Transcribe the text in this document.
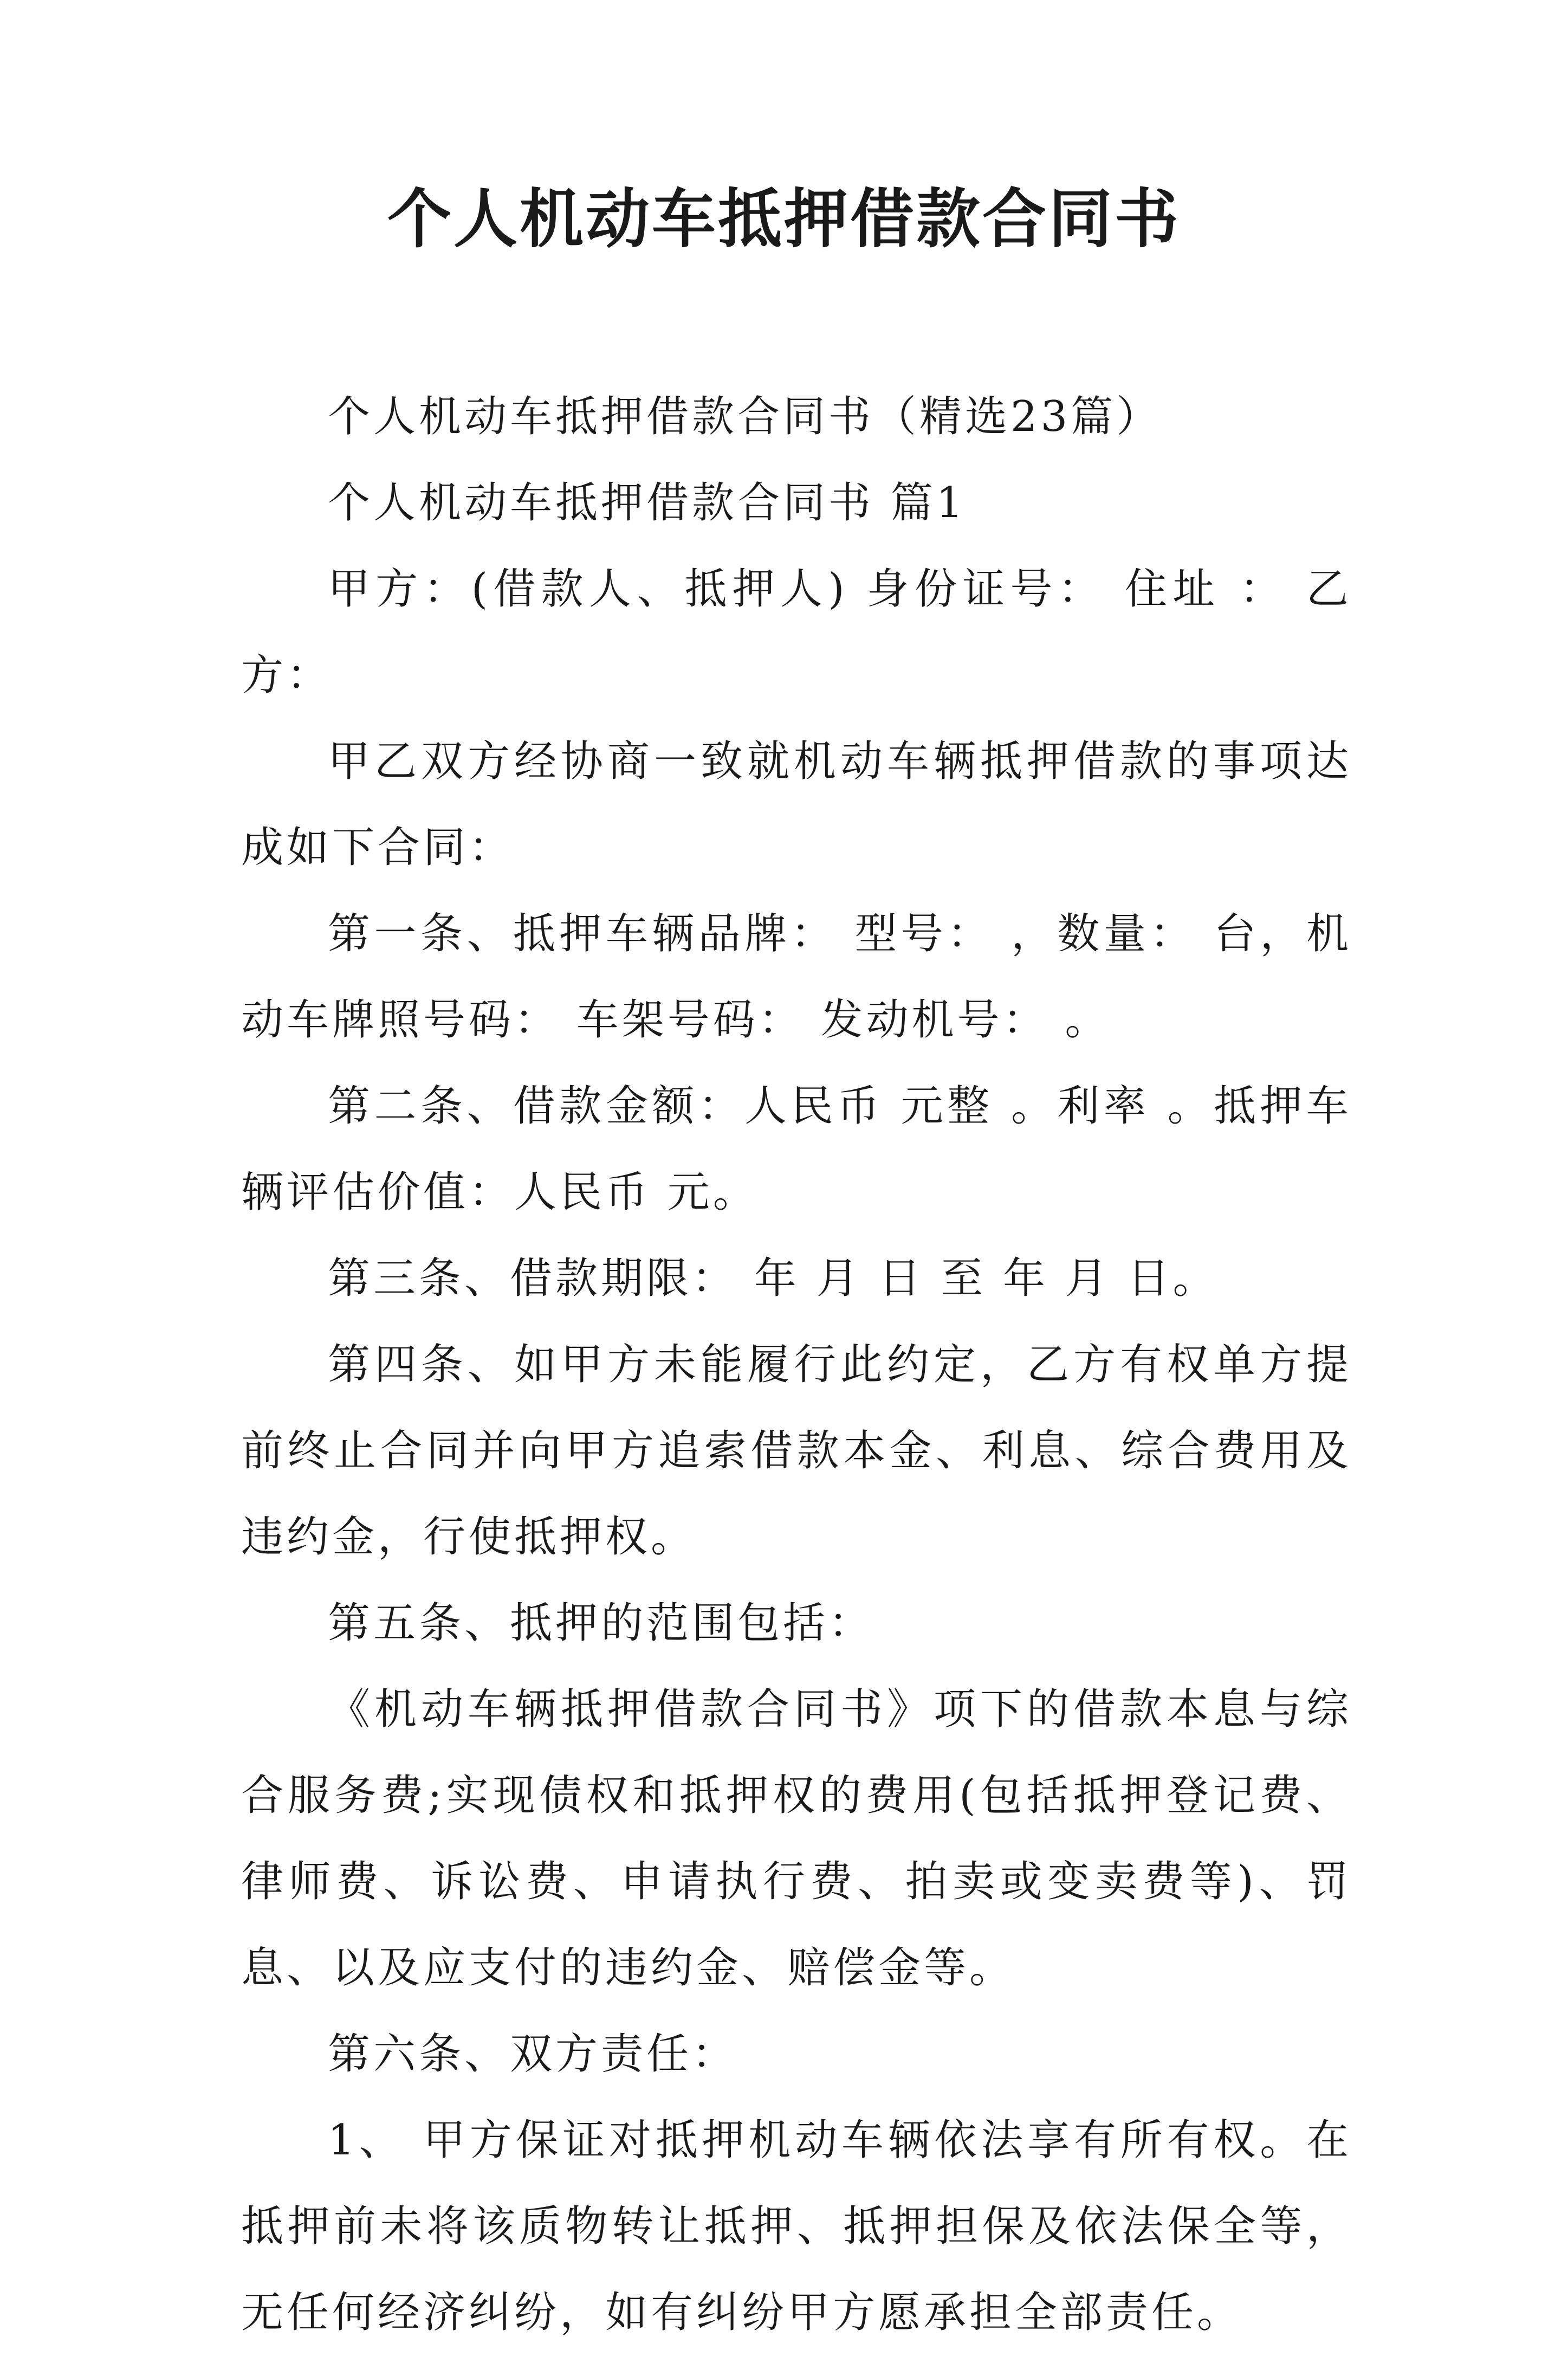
个人机动车抵押借款合同书

个人机动车抵押借款合同书（精选23篇）

个人机动车抵押借款合同书 篇1

甲方：(借款人、抵押人) 身份证号： 住址 ： 乙方：

甲乙双方经协商一致就机动车辆抵押借款的事项达成如下合同：

第一条、抵押车辆品牌： 型号： ，数量： 台，机动车牌照号码： 车架号码： 发动机号： 。

第二条、借款金额：人民币 元整 。利率 。抵押车辆评估价值：人民币 元。

第三条、借款期限： 年 月 日 至 年 月 日。

第四条、如甲方未能履行此约定，乙方有权单方提前终止合同并向甲方追索借款本金、利息、综合费用及违约金，行使抵押权。

第五条、抵押的范围包括：

《机动车辆抵押借款合同书》项下的借款本息与综合服务费;实现债权和抵押权的费用(包括抵押登记费、律师费、诉讼费、申请执行费、拍卖或变卖费等)、罚息、以及应支付的违约金、赔偿金等。

第六条、双方责任：

1、 甲方保证对抵押机动车辆依法享有所有权。在抵押前未将该质物转让抵押、抵押担保及依法保全等，无任何经济纠纷，如有纠纷甲方愿承担全部责任。
